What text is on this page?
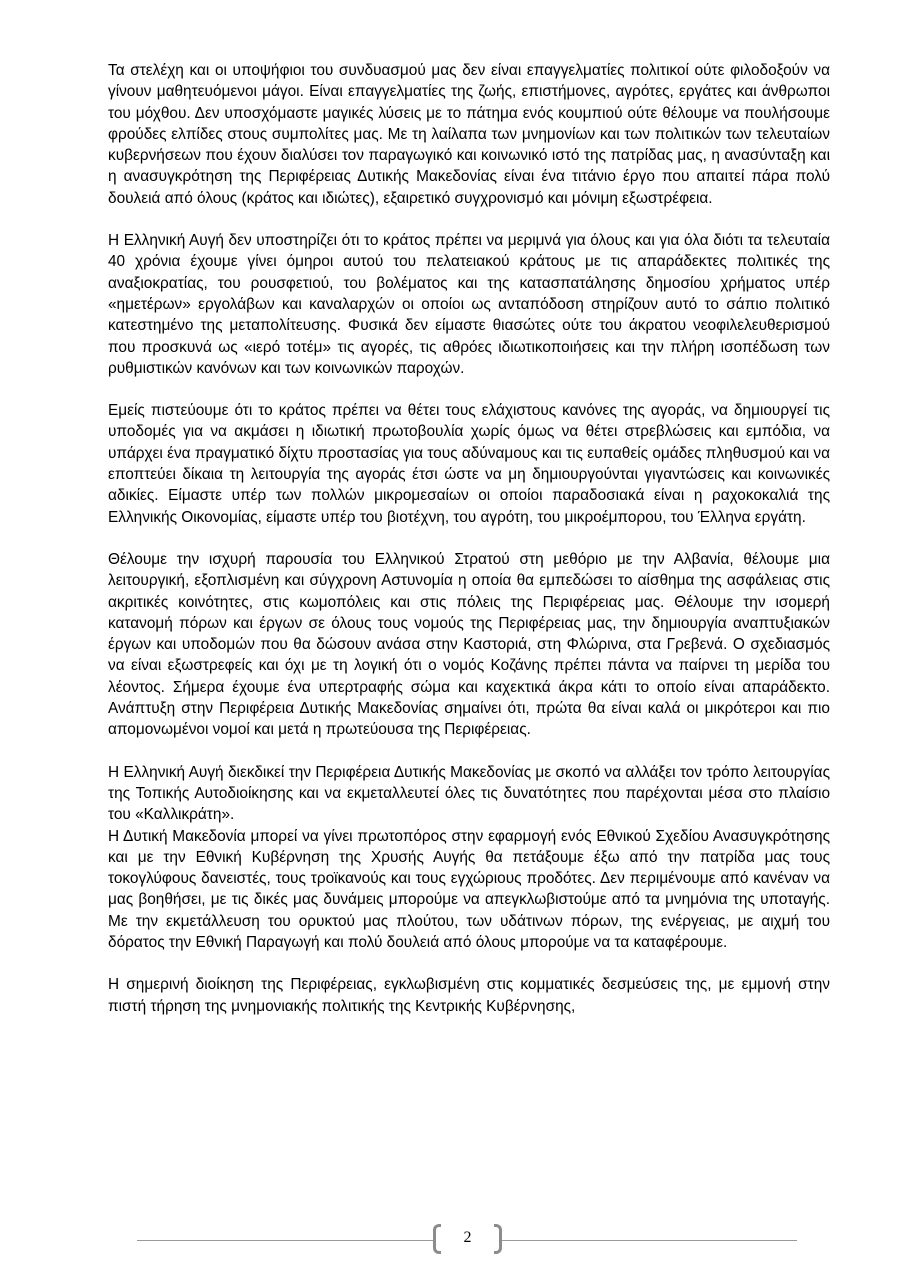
Τα στελέχη και οι υποψήφιοι του συνδυασμού μας δεν είναι επαγγελματίες πολιτικοί ούτε φιλοδοξούν να γίνουν μαθητευόμενοι μάγοι. Είναι επαγγελματίες της ζωής, επιστήμονες, αγρότες, εργάτες και άνθρωποι του μόχθου. Δεν υποσχόμαστε μαγικές λύσεις με το πάτημα ενός κουμπιού ούτε θέλουμε να πουλήσουμε φρούδες ελπίδες στους συμπολίτες μας. Με τη λαίλαπα των μνημονίων και των πολιτικών των τελευταίων κυβερνήσεων που έχουν διαλύσει τον παραγωγικό και κοινωνικό ιστό της πατρίδας μας, η ανασύνταξη και η ανασυγκρότηση της Περιφέρειας Δυτικής Μακεδονίας είναι ένα τιτάνιο έργο που απαιτεί πάρα πολύ δουλειά από όλους (κράτος και ιδιώτες), εξαιρετικό συγχρονισμό και μόνιμη εξωστρέφεια.

Η Ελληνική Αυγή δεν υποστηρίζει ότι το κράτος πρέπει να μεριμνά για όλους και για όλα διότι τα τελευταία 40 χρόνια έχουμε γίνει όμηροι αυτού του πελατειακού κράτους με τις απαράδεκτες πολιτικές της αναξιοκρατίας, του ρουσφετιού, του βολέματος και της κατασπατάλησης δημοσίου χρήματος υπέρ «ημετέρων» εργολάβων και καναλαρχών οι οποίοι ως ανταπόδοση στηρίζουν αυτό το σάπιο πολιτικό κατεστημένο της μεταπολίτευσης. Φυσικά δεν είμαστε θιασώτες ούτε του άκρατου νεοφιλελευθερισμού που προσκυνά ως «ιερό τοτέμ» τις αγορές, τις αθρόες ιδιωτικοποιήσεις και την πλήρη ισοπέδωση των ρυθμιστικών κανόνων και των κοινωνικών παροχών.

Εμείς πιστεύουμε ότι το κράτος πρέπει να θέτει τους ελάχιστους κανόνες της αγοράς, να δημιουργεί τις υποδομές για να ακμάσει η ιδιωτική πρωτοβουλία χωρίς όμως να θέτει στρεβλώσεις και εμπόδια, να υπάρχει ένα πραγματικό δίχτυ προστασίας για τους αδύναμους και τις ευπαθείς ομάδες πληθυσμού και να εποπτεύει δίκαια τη λειτουργία της αγοράς έτσι ώστε να μη δημιουργούνται γιγαντώσεις και κοινωνικές αδικίες. Είμαστε υπέρ των πολλών μικρομεσαίων οι οποίοι παραδοσιακά είναι η ραχοκοκαλιά της Ελληνικής Οικονομίας, είμαστε υπέρ του βιοτέχνη, του αγρότη, του μικροέμπορου, του Έλληνα εργάτη.

Θέλουμε την ισχυρή παρουσία του Ελληνικού Στρατού στη μεθόριο με την Αλβανία, θέλουμε μια λειτουργική, εξοπλισμένη και σύγχρονη Αστυνομία η οποία θα εμπεδώσει το αίσθημα της ασφάλειας στις ακριτικές κοινότητες, στις κωμοπόλεις και στις πόλεις της Περιφέρειας μας. Θέλουμε την ισομερή κατανομή πόρων και έργων σε όλους τους νομούς της Περιφέρειας μας, την δημιουργία αναπτυξιακών έργων και υποδομών που θα δώσουν ανάσα στην Καστοριά, στη Φλώρινα, στα Γρεβενά. Ο σχεδιασμός να είναι εξωστρεφείς και όχι με τη λογική ότι ο νομός Κοζάνης πρέπει πάντα να παίρνει τη μερίδα του λέοντος. Σήμερα έχουμε ένα υπερτραφής σώμα και καχεκτικά άκρα κάτι το οποίο είναι απαράδεκτο. Ανάπτυξη στην Περιφέρεια Δυτικής Μακεδονίας σημαίνει ότι, πρώτα θα είναι καλά οι μικρότεροι και πιο απομονωμένοι νομοί και μετά η πρωτεύουσα της Περιφέρειας.

Η Ελληνική Αυγή διεκδικεί την Περιφέρεια Δυτικής Μακεδονίας με σκοπό να αλλάξει τον τρόπο λειτουργίας της Τοπικής Αυτοδιοίκησης και να εκμεταλλευτεί όλες τις δυνατότητες που παρέχονται μέσα στο πλαίσιο του «Καλλικράτη».

Η Δυτική Μακεδονία μπορεί να γίνει πρωτοπόρος στην εφαρμογή ενός Εθνικού Σχεδίου Ανασυγκρότησης και με την Εθνική Κυβέρνηση της Χρυσής Αυγής θα πετάξουμε έξω από την πατρίδα μας τους τοκογλύφους δανειστές, τους τροϊκανούς και τους εγχώριους προδότες. Δεν περιμένουμε από κανέναν να μας βοηθήσει, με τις δικές μας δυνάμεις μπορούμε να απεγκλωβιστούμε από τα μνημόνια της υποταγής. Με την εκμετάλλευση του ορυκτού μας πλούτου, των υδάτινων πόρων, της ενέργειας, με αιχμή του δόρατος την Εθνική Παραγωγή και πολύ δουλειά από όλους μπορούμε να τα καταφέρουμε.

Η σημερινή διοίκηση της Περιφέρειας, εγκλωβισμένη στις κομματικές δεσμεύσεις της, με εμμονή στην πιστή τήρηση της μνημονιακής πολιτικής της Κεντρικής Κυβέρνησης,

2
